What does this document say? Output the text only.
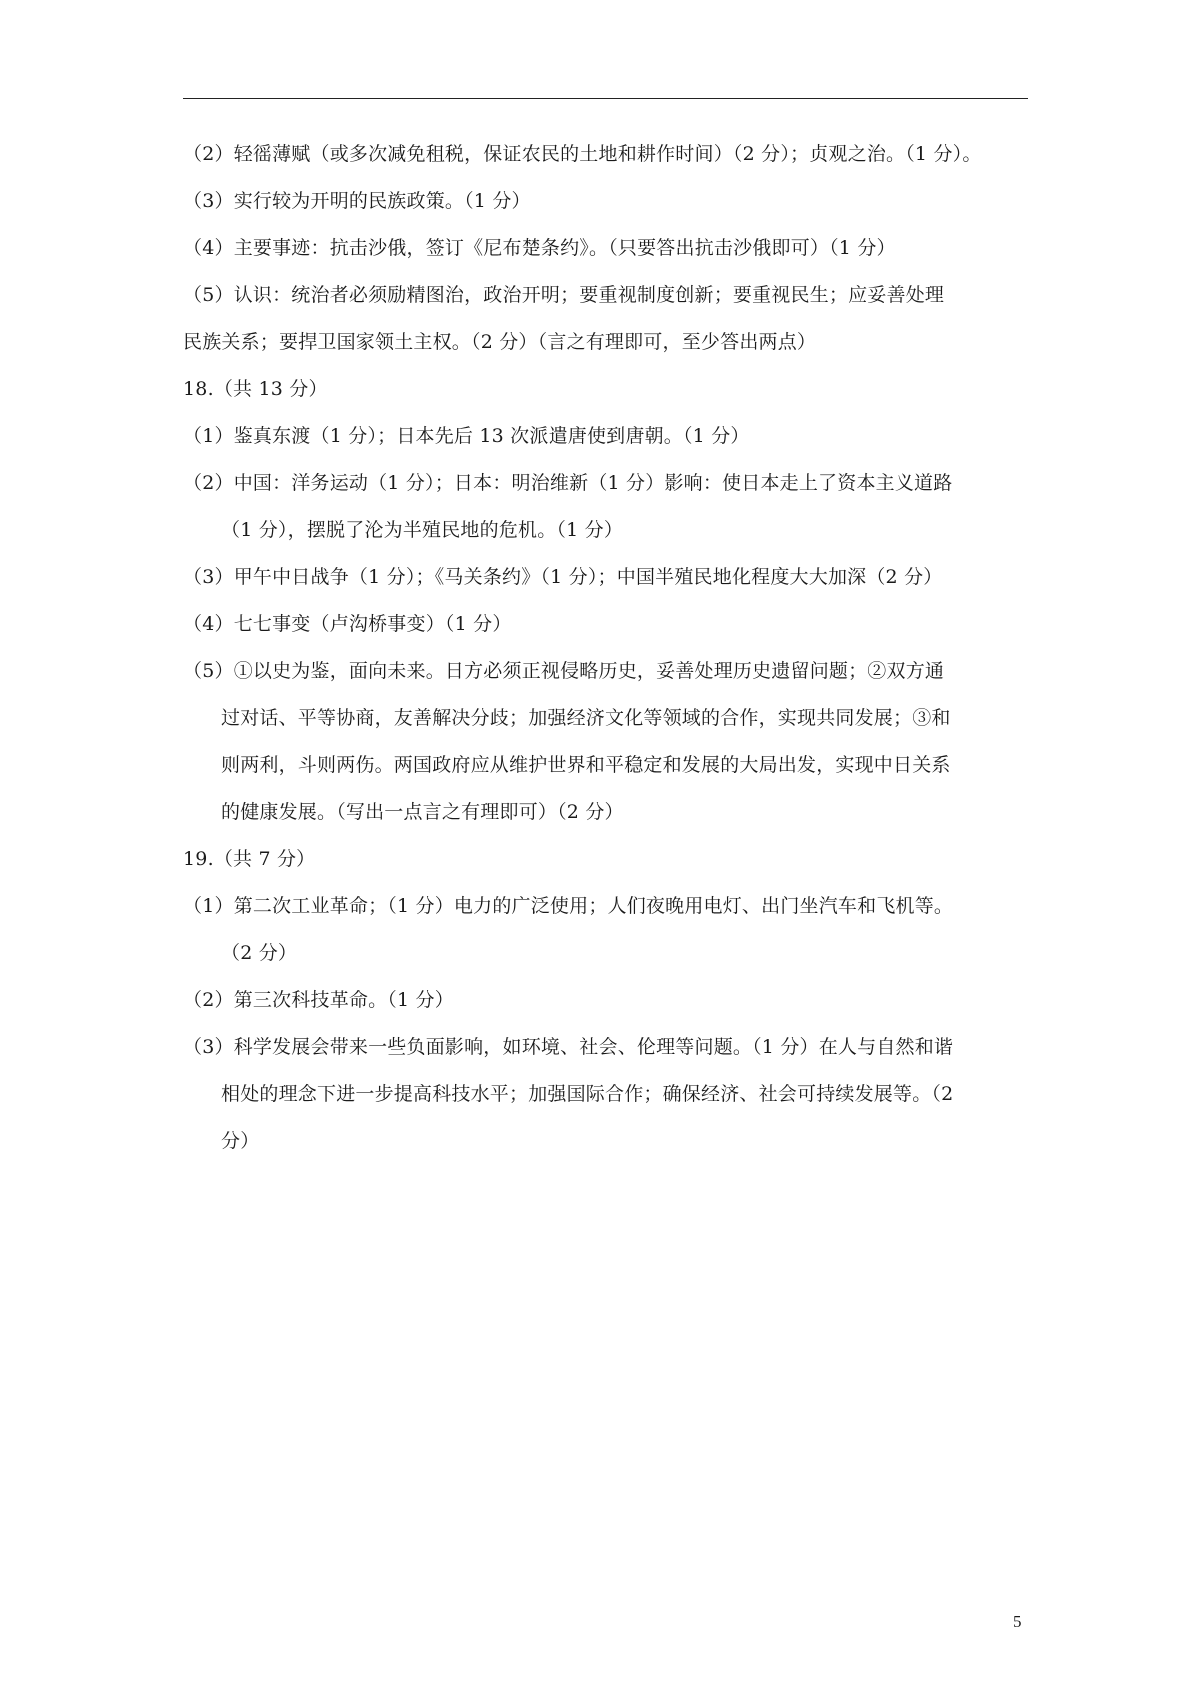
（2）轻徭薄赋（或多次减免租税，保证农民的土地和耕作时间）（2 分）；贞观之治。（1 分）。
（3）实行较为开明的民族政策。（1 分）
（4）主要事迹：抗击沙俄，签订《尼布楚条约》。（只要答出抗击沙俄即可）（1 分）
（5）认识：统治者必须励精图治，政治开明；要重视制度创新；要重视民生；应妥善处理
民族关系；要捍卫国家领土主权。（2 分）（言之有理即可，至少答出两点）
18.（共 13 分）
（1）鉴真东渡（1 分）；日本先后 13 次派遣唐使到唐朝。（1 分）
（2）中国：洋务运动（1 分）；日本：明治维新（1 分）影响：使日本走上了资本主义道路
（1 分），摆脱了沦为半殖民地的危机。（1 分）
（3）甲午中日战争（1 分）；《马关条约》（1 分）；中国半殖民地化程度大大加深（2 分）
（4）七七事变（卢沟桥事变）（1 分）
（5）①以史为鉴，面向未来。日方必须正视侵略历史，妥善处理历史遗留问题；②双方通
过对话、平等协商，友善解决分歧；加强经济文化等领域的合作，实现共同发展；③和
则两利，斗则两伤。两国政府应从维护世界和平稳定和发展的大局出发，实现中日关系
的健康发展。（写出一点言之有理即可）（2 分）
19.（共 7 分）
（1）第二次工业革命；（1 分）电力的广泛使用；人们夜晚用电灯、出门坐汽车和飞机等。
（2 分）
（2）第三次科技革命。（1 分）
（3）科学发展会带来一些负面影响，如环境、社会、伦理等问题。（1 分）在人与自然和谐
相处的理念下进一步提高科技水平；加强国际合作；确保经济、社会可持续发展等。（2
分）
5
